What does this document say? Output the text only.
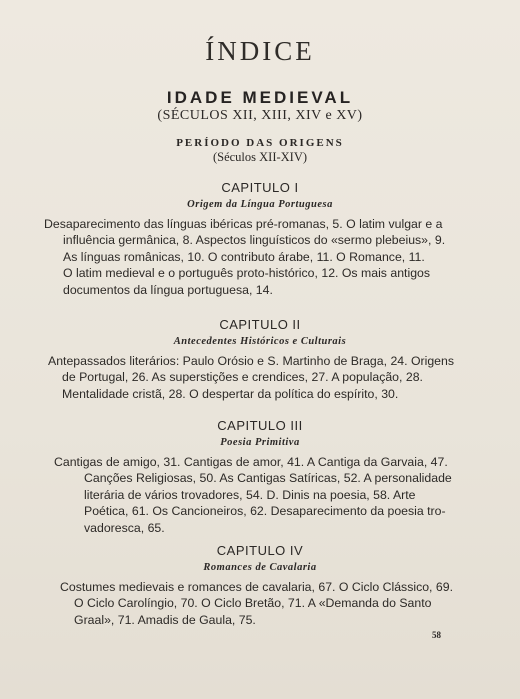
ÍNDICE
IDADE MEDIEVAL
(SÉCULOS XII, XIII, XIV e XV)
PERÍODO DAS ORIGENS
(Séculos XII-XIV)
CAPITULO I
Origem da Língua Portuguesa
Desaparecimento das línguas ibéricas pré-romanas, 5. O latim vulgar e a
influência germânica, 8. Aspectos linguísticos do «sermo plebeius», 9.
As línguas românicas, 10. O contributo árabe, 11. O Romance, 11.
O latim medieval e o português proto-histórico, 12. Os mais antigos
documentos da língua portuguesa, 14.
CAPITULO II
Antecedentes Históricos e Culturais
Antepassados literários: Paulo Orósio e S. Martinho de Braga, 24. Origens
de Portugal, 26. As superstições e crendices, 27. A população, 28.
Mentalidade cristã, 28. O despertar da política do espírito, 30.
CAPITULO III
Poesia Primitiva
Cantigas de amigo, 31. Cantigas de amor, 41. A Cantiga da Garvaia, 47.
Canções Religiosas, 50. As Cantigas Satíricas, 52. A personalidade
literária de vários trovadores, 54. D. Dinis na poesia, 58. Arte
Poética, 61. Os Cancioneiros, 62. Desaparecimento da poesia tro-
vadoresca, 65.
CAPITULO IV
Romances de Cavalaria
Costumes medievais e romances de cavalaria, 67. O Ciclo Clássico, 69.
O Ciclo Carolíngio, 70. O Ciclo Bretão, 71. A «Demanda do Santo
Graal», 71. Amadis de Gaula, 75.
58
